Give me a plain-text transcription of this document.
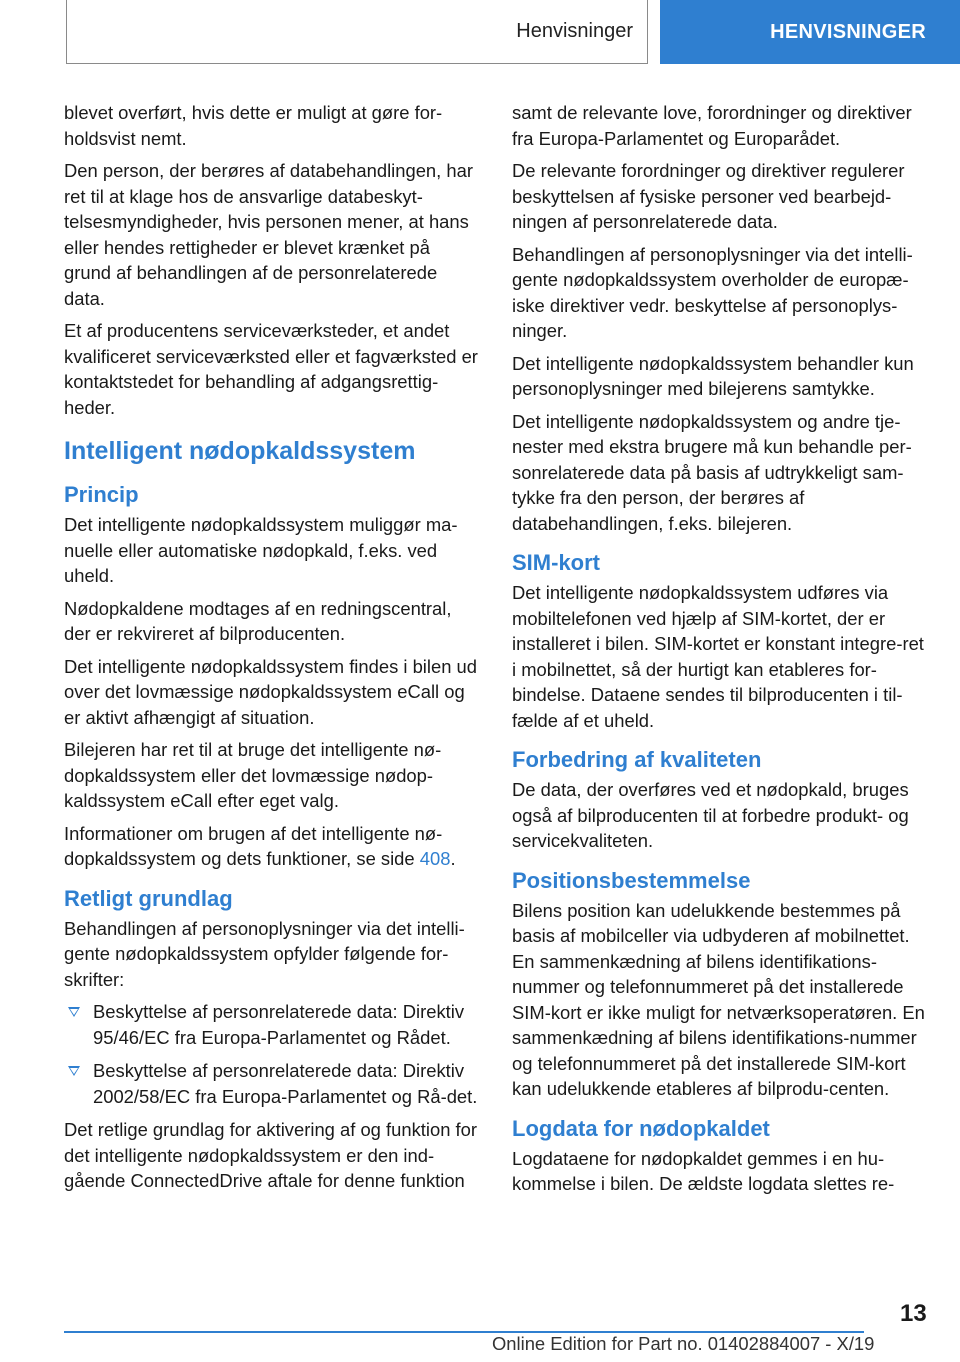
Henvisninger	HENVISNINGER

blevet overført, hvis dette er muligt at gøre for-holdsvist nemt.

Den person, der berøres af databehandlingen, har ret til at klage hos de ansvarlige databeskyt-telsesmyndigheder, hvis personen mener, at hans eller hendes rettigheder er blevet krænket på grund af behandlingen af de personrelaterede data.

Et af producentens serviceværksteder, et andet kvalificeret serviceværksted eller et fagværksted er kontaktstedet for behandling af adgangsrettig-heder.

Intelligent nødopkaldssystem
Princip

Det intelligente nødopkaldssystem muliggør ma-nuelle eller automatiske nødopkald, f.eks. ved uheld.

Nødopkaldene modtages af en redningscentral, der er rekvireret af bilproducenten.

Det intelligente nødopkaldssystem findes i bilen ud over det lovmæssige nødopkaldssystem eCall og er aktivt afhængigt af situation.

Bilejeren har ret til at bruge det intelligente nø-dopkaldssystem eller det lovmæssige nødop-kaldssystem eCall efter eget valg.

Informationer om brugen af det intelligente nø-dopkaldssystem og dets funktioner, se side 408.

Retligt grundlag

Behandlingen af personoplysninger via det intelli-gente nødopkaldssystem opfylder følgende for-skrifter:

Beskyttelse af personrelaterede data: Direktiv 95/46/EC fra Europa-Parlamentet og Rådet.
Beskyttelse af personrelaterede data: Direktiv 2002/58/EC fra Europa-Parlamentet og Rå-det.

Det retlige grundlag for aktivering af og funktion for det intelligente nødopkaldssystem er den ind-gående ConnectedDrive aftale for denne funktion

samt de relevante love, forordninger og direktiver fra Europa-Parlamentet og Europarådet.

De relevante forordninger og direktiver regulerer beskyttelsen af fysiske personer ved bearbejd-ningen af personrelaterede data.

Behandlingen af personoplysninger via det intelli-gente nødopkaldssystem overholder de europæ-iske direktiver vedr. beskyttelse af personoplys-ninger.

Det intelligente nødopkaldssystem behandler kun personoplysninger med bilejerens samtykke.

Det intelligente nødopkaldssystem og andre tje-nester med ekstra brugere må kun behandle per-sonrelaterede data på basis af udtrykkeligt sam-tykke fra den person, der berøres af databehandlingen, f.eks. bilejeren.

SIM-kort

Det intelligente nødopkaldssystem udføres via mobiltelefonen ved hjælp af SIM-kortet, der er installeret i bilen. SIM-kortet er konstant integre-ret i mobilnettet, så der hurtigt kan etableres for-bindelse. Dataene sendes til bilproducenten i til-fælde af et uheld.

Forbedring af kvaliteten

De data, der overføres ved et nødopkald, bruges også af bilproducenten til at forbedre produkt- og servicekvaliteten.

Positionsbestemmelse

Bilens position kan udelukkende bestemmes på basis af mobilceller via udbyderen af mobilnettet. En sammenkædning af bilens identifikations-nummer og telefonnummeret på det installerede SIM-kort er ikke muligt for netværksoperatøren. En sammenkædning af bilens identifikations-nummer og telefonnummeret på det installerede SIM-kort kan udelukkende etableres af bilprodu-centen.

Logdata for nødopkaldet

Logdataene for nødopkaldet gemmes i en hu-kommelse i bilen. De ældste logdata slettes re-

13
Online Edition for Part no. 01402884007 - X/19
